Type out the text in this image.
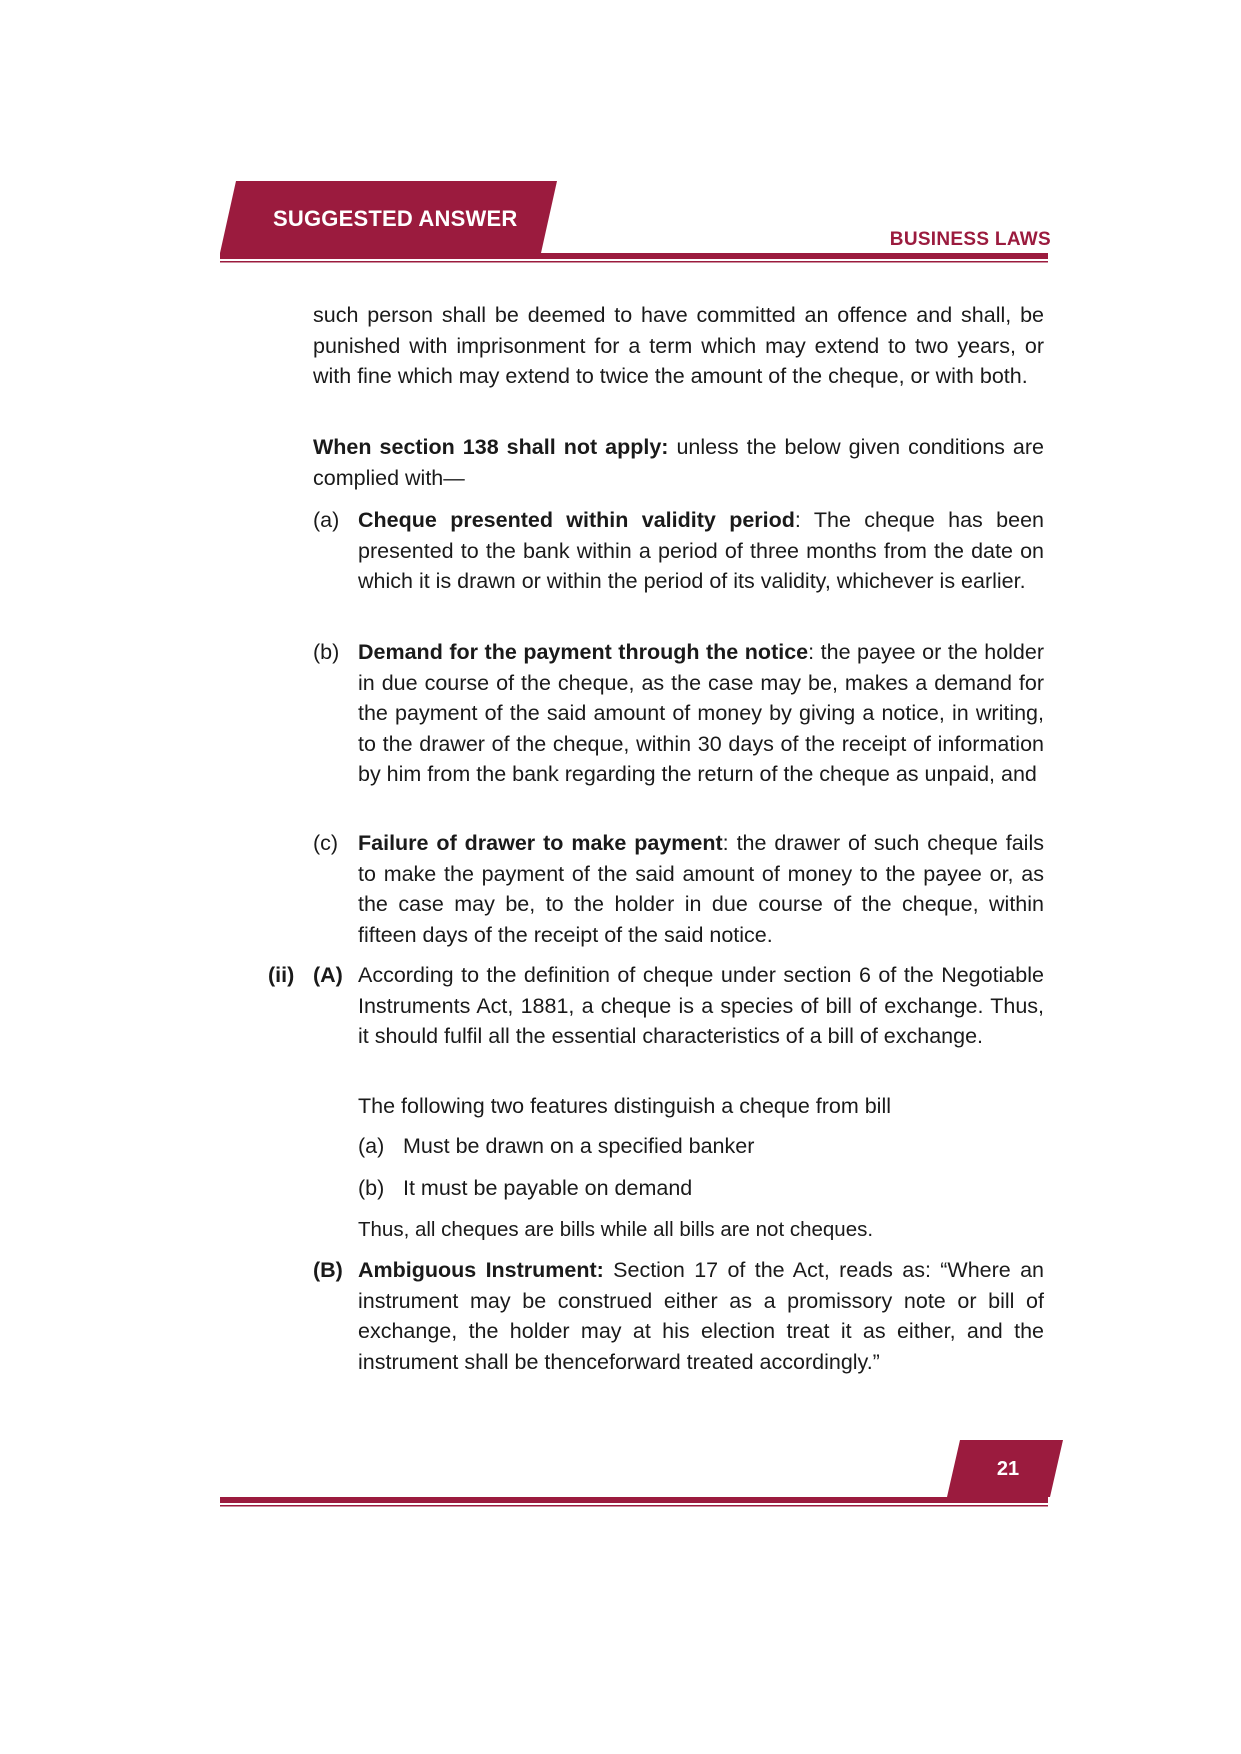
SUGGESTED ANSWER
BUSINESS LAWS
such person shall be deemed to have committed an offence and shall, be punished with imprisonment for a term which may extend to two years, or with fine which may extend to twice the amount of the cheque, or with both.
When section 138 shall not apply: unless the below given conditions are complied with—
(a) Cheque presented within validity period: The cheque has been presented to the bank within a period of three months from the date on which it is drawn or within the period of its validity, whichever is earlier.
(b) Demand for the payment through the notice: the payee or the holder in due course of the cheque, as the case may be, makes a demand for the payment of the said amount of money by giving a notice, in writing, to the drawer of the cheque, within 30 days of the receipt of information by him from the bank regarding the return of the cheque as unpaid, and
(c) Failure of drawer to make payment: the drawer of such cheque fails to make the payment of the said amount of money to the payee or, as the case may be, to the holder in due course of the cheque, within fifteen days of the receipt of the said notice.
(ii) (A) According to the definition of cheque under section 6 of the Negotiable Instruments Act, 1881, a cheque is a species of bill of exchange. Thus, it should fulfil all the essential characteristics of a bill of exchange.
The following two features distinguish a cheque from bill
(a) Must be drawn on a specified banker
(b) It must be payable on demand
Thus, all cheques are bills while all bills are not cheques.
(B) Ambiguous Instrument: Section 17 of the Act, reads as: “Where an instrument may be construed either as a promissory note or bill of exchange, the holder may at his election treat it as either, and the instrument shall be thenceforward treated accordingly.”
21
